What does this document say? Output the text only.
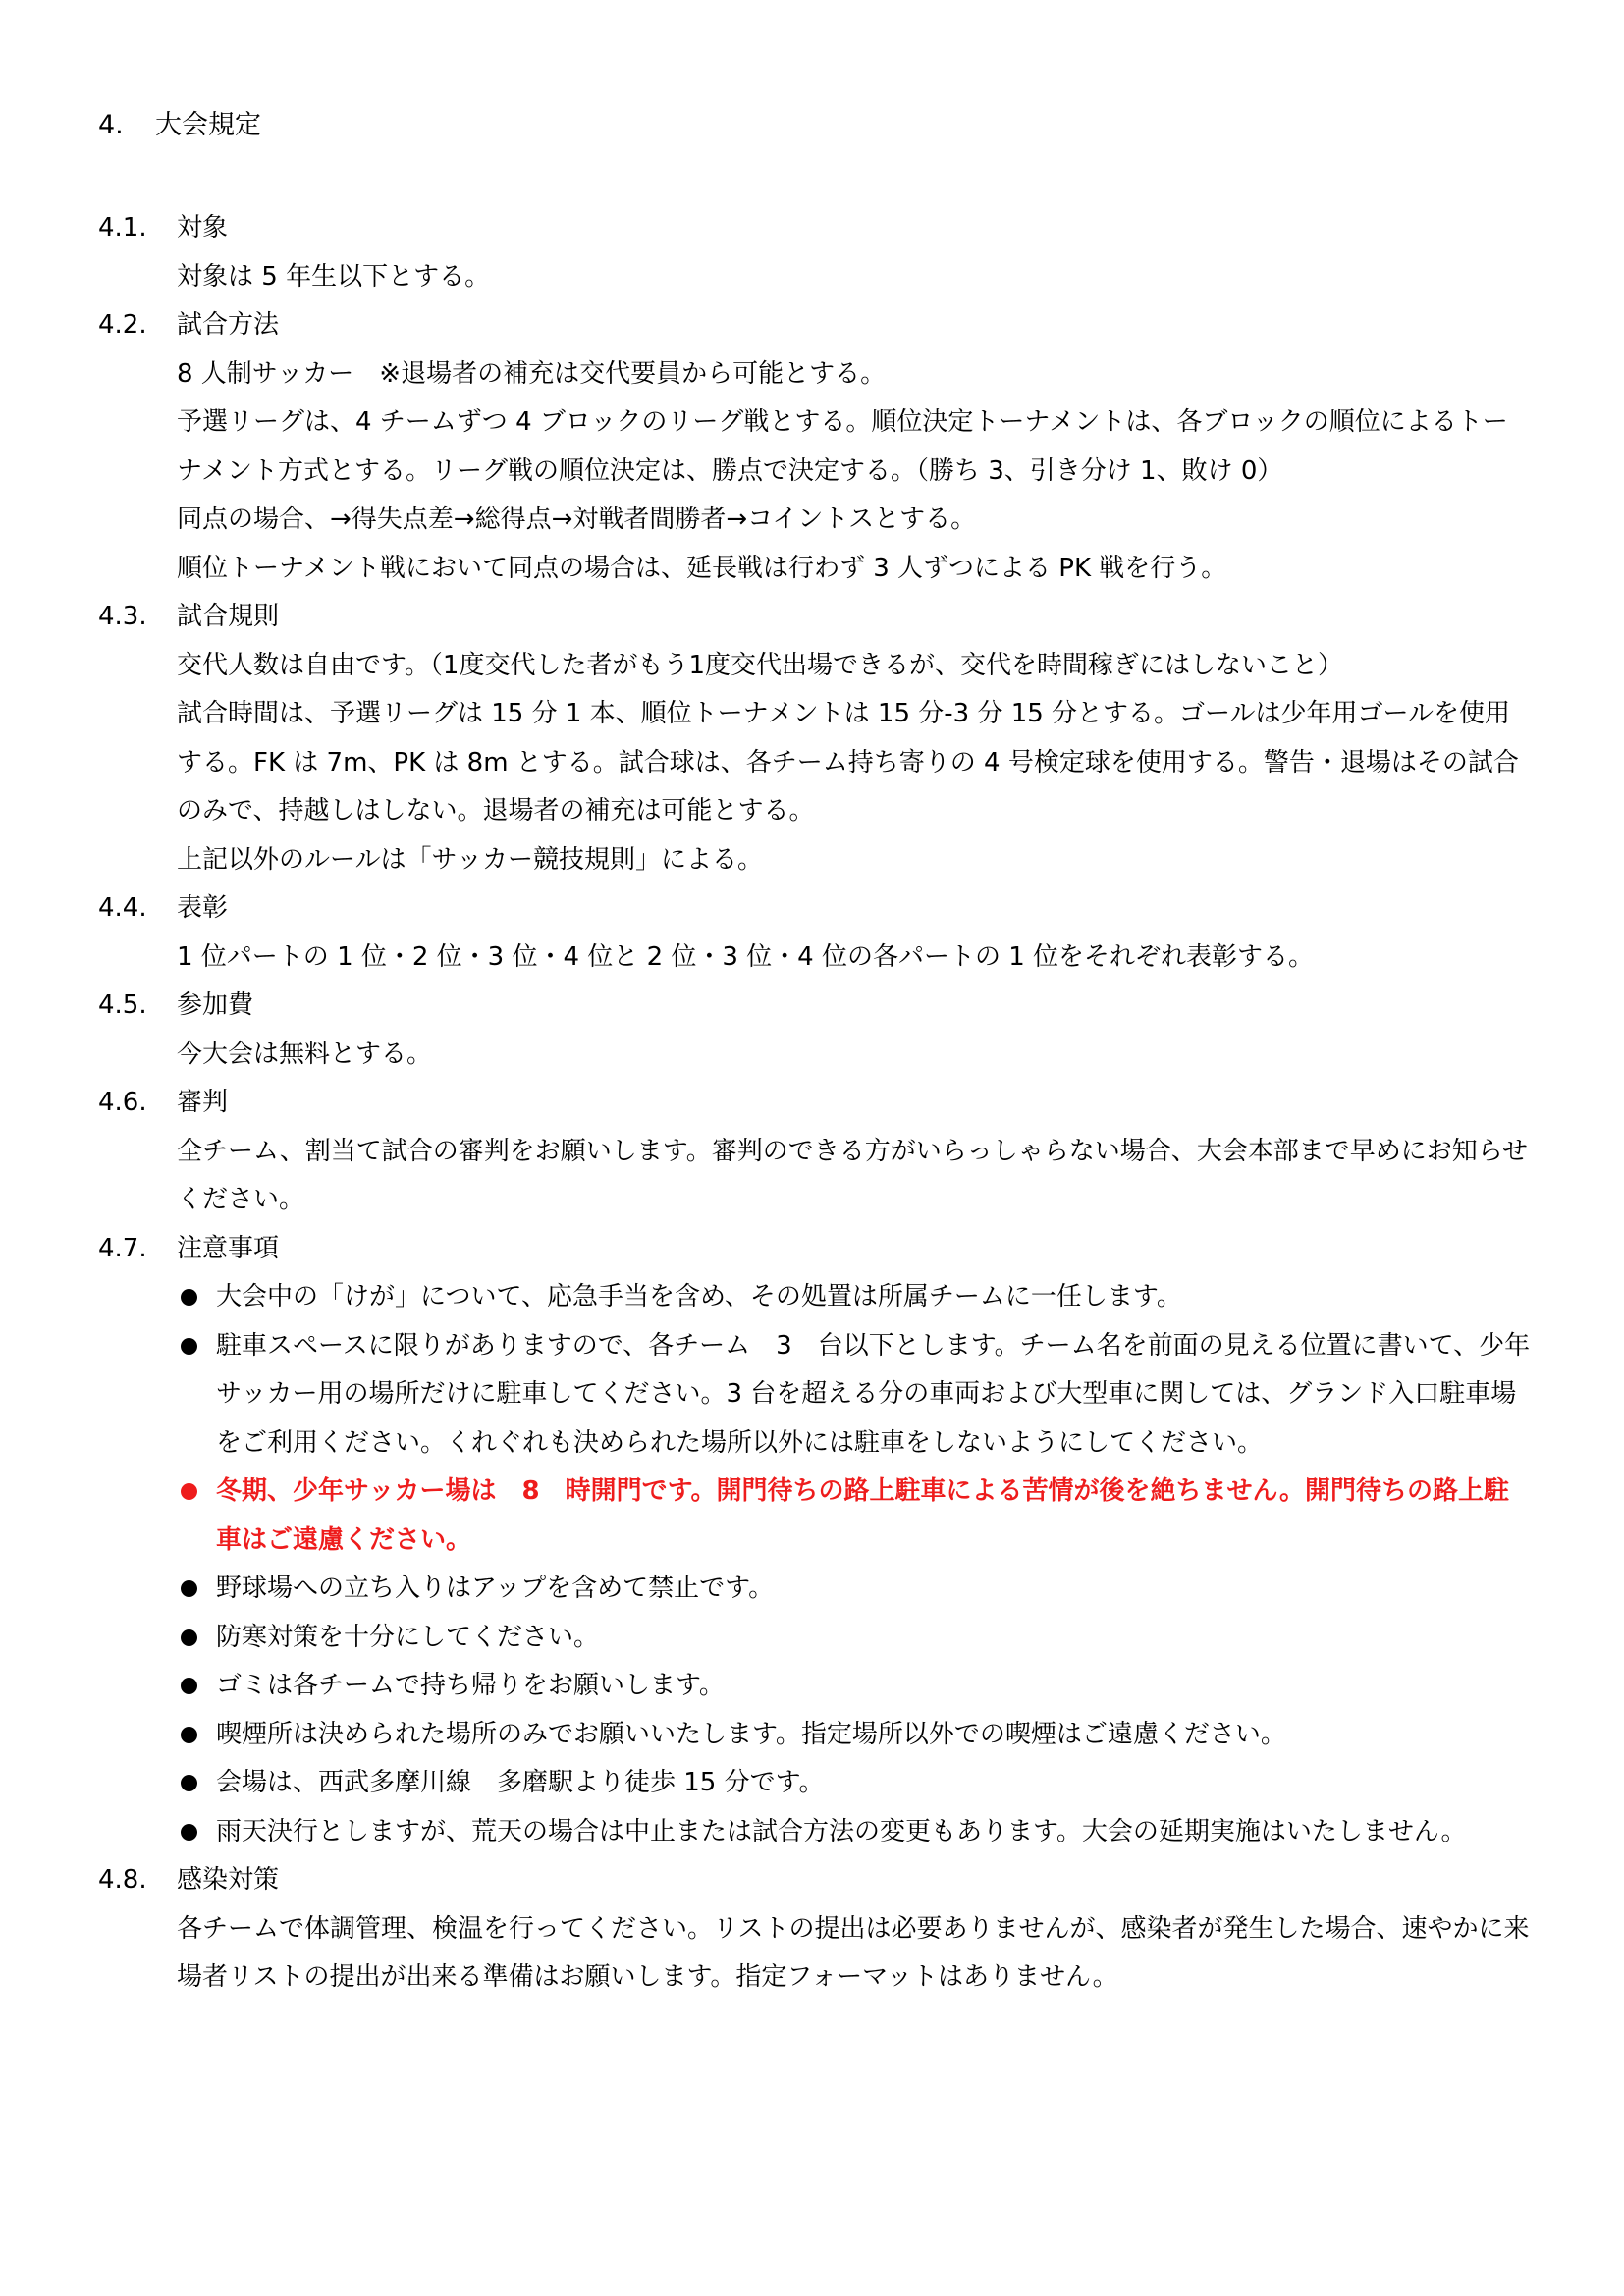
4. 大会規定
4.1. 対象

対象は 5 年生以下とする。

4.2. 試合方法

8 人制サッカー　※退場者の補充は交代要員から可能とする。

予選リーグは、4 チームずつ 4 ブロックのリーグ戦とする。順位決定トーナメントは、各ブロックの順位によるトーナメント方式とする。リーグ戦の順位決定は、勝点で決定する。（勝ち 3、引き分け 1、敗け 0）

同点の場合、→得失点差→総得点→対戦者間勝者→コイントスとする。

順位トーナメント戦において同点の場合は、延長戦は行わず 3 人ずつによる PK 戦を行う。

4.3. 試合規則

交代人数は自由です。（1度交代した者がもう1度交代出場できるが、交代を時間稼ぎにはしないこと）

試合時間は、予選リーグは 15 分 1 本、順位トーナメントは 15 分-3 分 15 分とする。ゴールは少年用ゴールを使用する。FK は 7m、PK は 8m とする。試合球は、各チーム持ち寄りの 4 号検定球を使用する。警告・退場はその試合のみで、持越しはしない。退場者の補充は可能とする。

上記以外のルールは「サッカー競技規則」による。

4.4. 表彰

1 位パートの 1 位・2 位・3 位・4 位と 2 位・3 位・4 位の各パートの 1 位をそれぞれ表彰する。

4.5. 参加費

今大会は無料とする。

4.6. 審判

全チーム、割当て試合の審判をお願いします。審判のできる方がいらっしゃらない場合、大会本部まで早めにお知らせください。

4.7. 注意事項
大会中の「けが」について、応急手当を含め、その処置は所属チームに一任します。
駐車スペースに限りがありますので、各チーム　3　台以下とします。チーム名を前面の見える位置に書いて、少年サッカー用の場所だけに駐車してください。3 台を超える分の車両および大型車に関しては、グランド入口駐車場をご利用ください。くれぐれも決められた場所以外には駐車をしないようにしてください。
冬期、少年サッカー場は　8　時開門です。開門待ちの路上駐車による苦情が後を絶ちません。開門待ちの路上駐車はご遠慮ください。
野球場への立ち入りはアップを含めて禁止です。
防寒対策を十分にしてください。
ゴミは各チームで持ち帰りをお願いします。
喫煙所は決められた場所のみでお願いいたします。指定場所以外での喫煙はご遠慮ください。
会場は、西武多摩川線　多磨駅より徒歩 15 分です。
雨天決行としますが、荒天の場合は中止または試合方法の変更もあります。大会の延期実施はいたしません。
4.8. 感染対策

各チームで体調管理、検温を行ってください。リストの提出は必要ありませんが、感染者が発生した場合、速やかに来場者リストの提出が出来る準備はお願いします。指定フォーマットはありません。
